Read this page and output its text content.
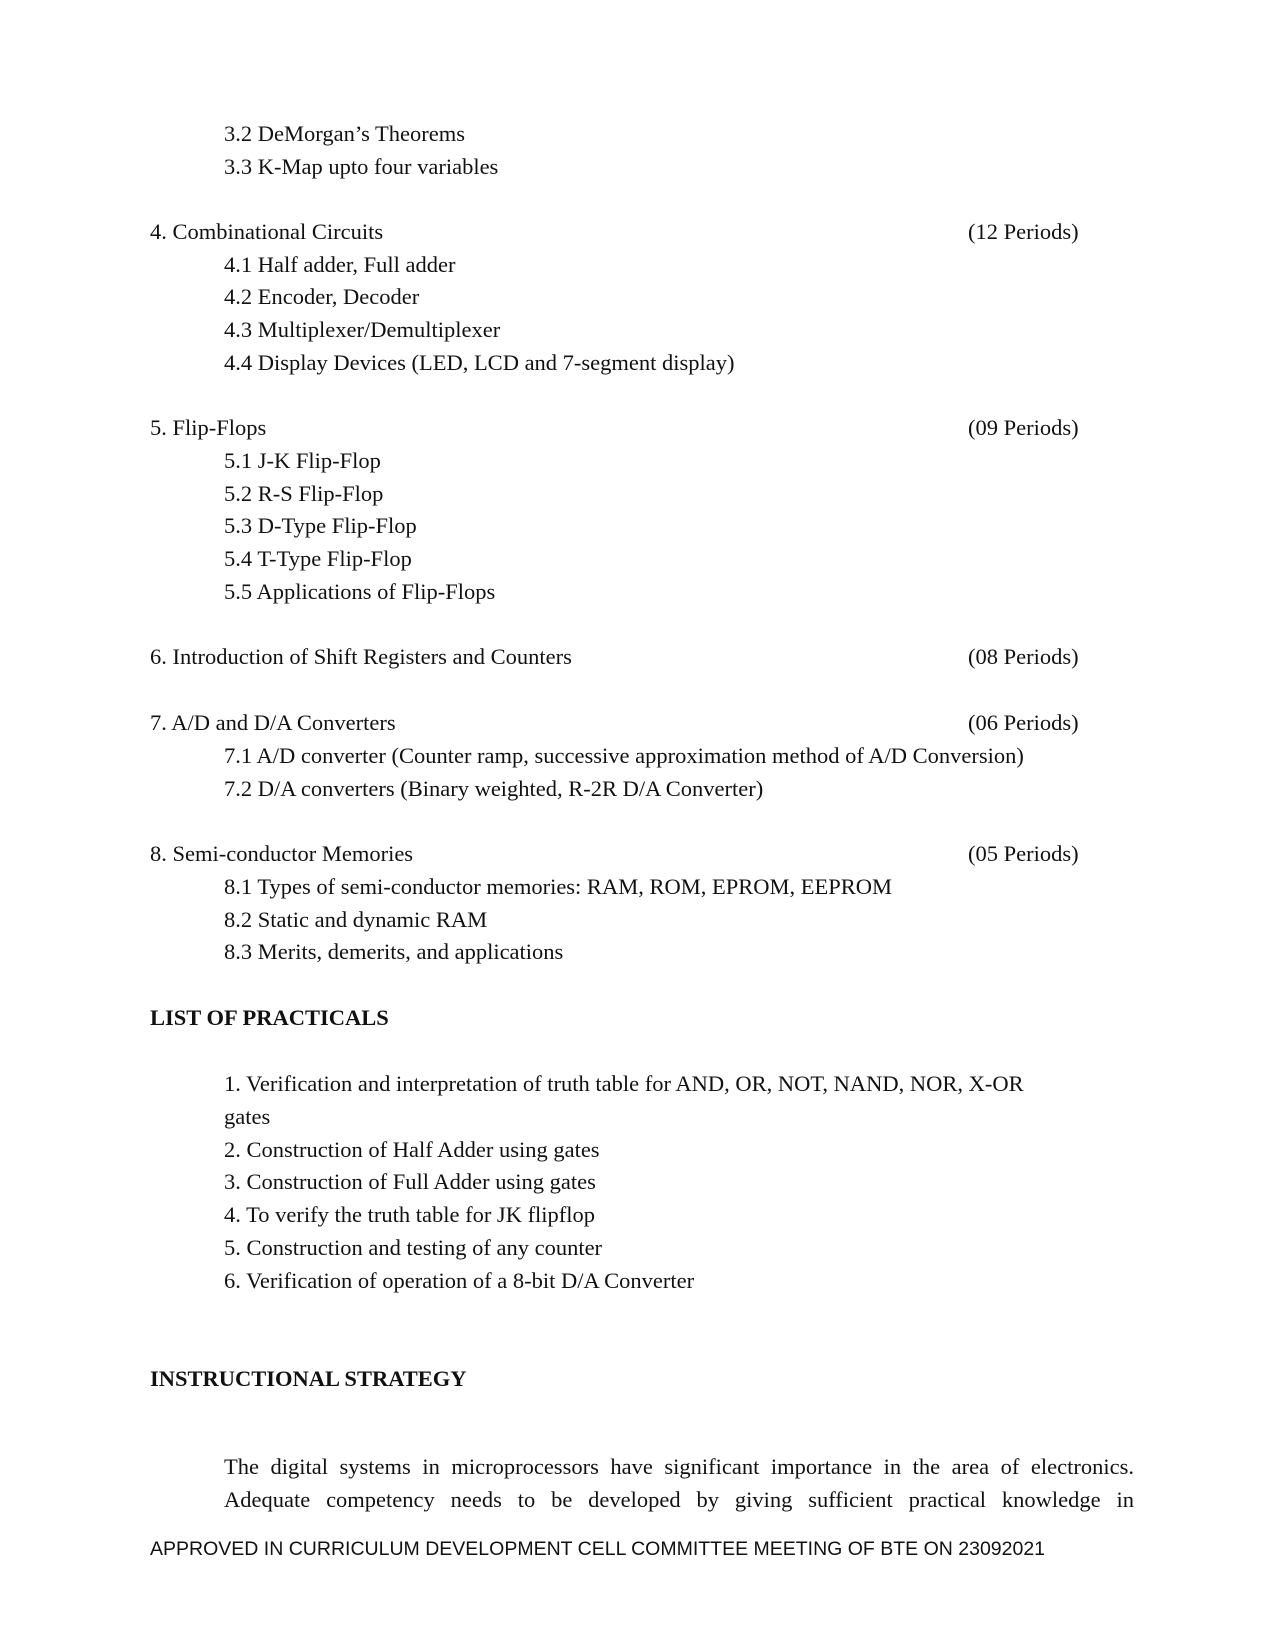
3.2 DeMorgan’s Theorems

3.3 K-Map upto four variables

4. Combinational Circuits	(12 Periods)

4.1 Half adder, Full adder

4.2 Encoder, Decoder

4.3 Multiplexer/Demultiplexer

4.4 Display Devices (LED, LCD and 7-segment display)

5. Flip-Flops	(09 Periods)

5.1 J-K Flip-Flop

5.2 R-S Flip-Flop

5.3 D-Type Flip-Flop

5.4 T-Type Flip-Flop

5.5 Applications of Flip-Flops

6. Introduction of Shift Registers and Counters	(08 Periods)

7. A/D and D/A Converters	(06 Periods)

7.1 A/D converter (Counter ramp, successive approximation method of A/D Conversion)

7.2 D/A converters (Binary weighted, R-2R D/A Converter)

8. Semi-conductor Memories	(05 Periods)

8.1 Types of semi-conductor memories: RAM, ROM, EPROM, EEPROM

8.2 Static and dynamic RAM

8.3 Merits, demerits, and applications

LIST OF PRACTICALS

1. Verification and interpretation of truth table for AND, OR, NOT, NAND, NOR, X-OR

gates

2. Construction of Half Adder using gates

3. Construction of Full Adder using gates

4. To verify the truth table for JK flipflop

5. Construction and testing of any counter

6. Verification of operation of a 8-bit D/A Converter

INSTRUCTIONAL STRATEGY

The digital systems in microprocessors have significant importance in the area of electronics.

Adequate competency needs to be developed by giving sufficient practical knowledge in

APPROVED IN CURRICULUM DEVELOPMENT CELL COMMITTEE MEETING OF BTE ON 23092021
